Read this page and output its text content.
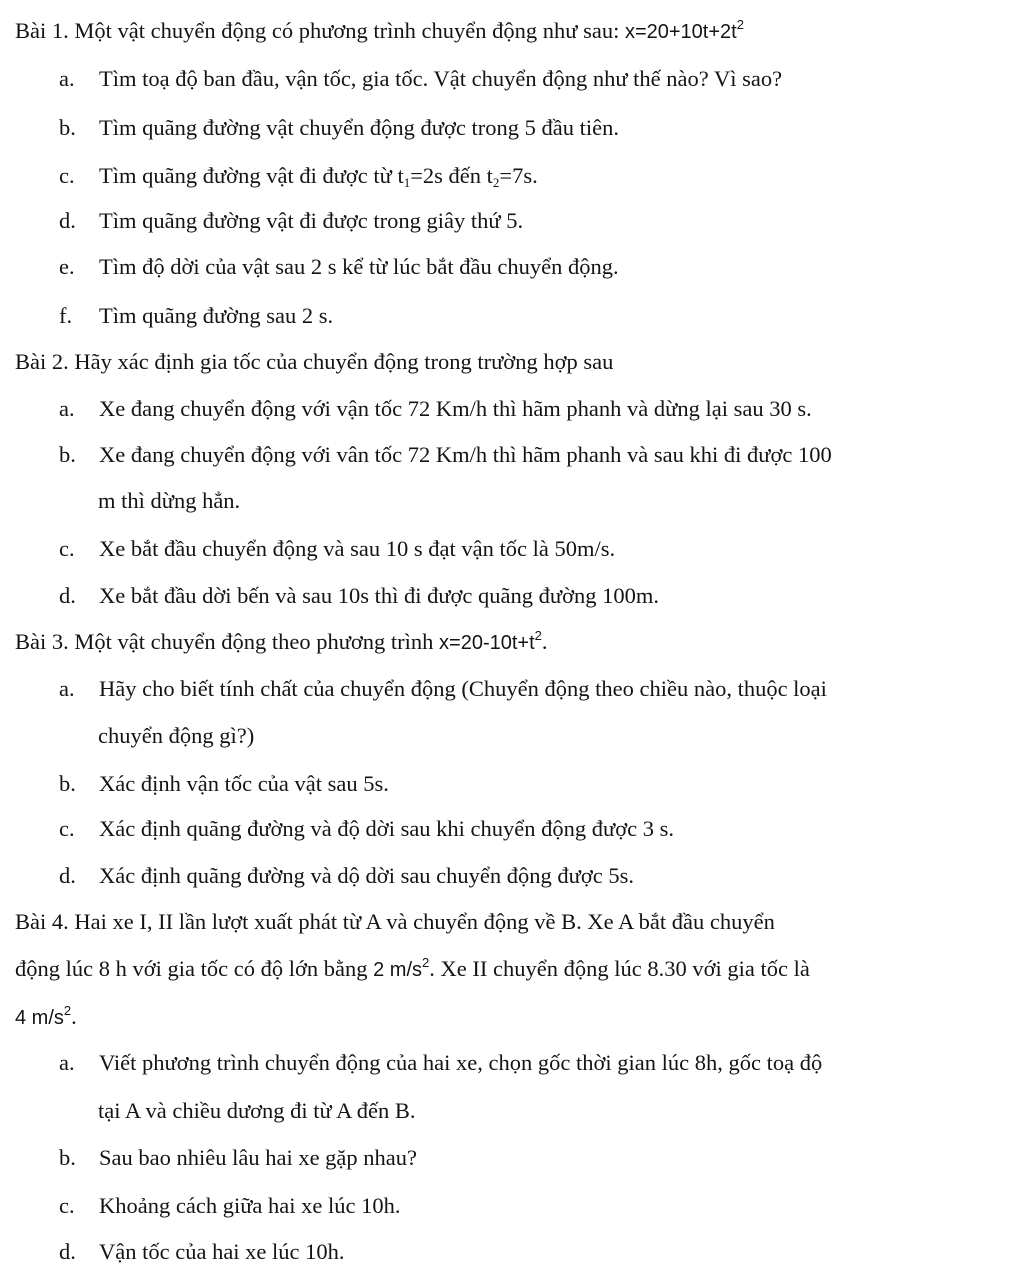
Bài 1. Một vật chuyển động có phương trình chuyển động như sau: $x=20+10t+2t^2$
a. Tìm toạ độ ban đầu, vận tốc, gia tốc. Vật chuyển động như thế nào? Vì sao?
b. Tìm quãng đường vật chuyển động được trong 5 đầu tiên.
c. Tìm quãng đường vật đi được từ $t_1=2s$ đến $t_2=7s$.
d. Tìm quãng đường vật đi được trong giây thứ 5.
e. Tìm độ dời của vật sau 2 s kể từ lúc bắt đầu chuyển động.
f. Tìm quãng đường sau 2 s.
Bài 2. Hãy xác định gia tốc của chuyển động trong trường hợp sau
a. Xe đang chuyển động với vận tốc 72 Km/h thì hãm phanh và dừng lại sau 30 s.
b. Xe đang chuyển động với vân tốc 72 Km/h thì hãm phanh và sau khi đi được 100
m thì dừng hẳn.
c. Xe bắt đầu chuyển động và sau 10 s đạt vận tốc là 50m/s.
d. Xe bắt đầu dời bến và sau 10s thì đi được quãng đường 100m.
Bài 3. Một vật chuyển động theo phương trình $x=20-10t+t^2$.
a. Hãy cho biết tính chất của chuyển động (Chuyển động theo chiều nào, thuộc loại
chuyển động gì?)
b. Xác định vận tốc của vật sau 5s.
c. Xác định quãng đường và độ dời sau khi chuyển động được 3 s.
d. Xác định quãng đường và dộ dời sau chuyển động được 5s.
Bài 4. Hai xe I, II lần lượt xuất phát từ A và chuyển động về B. Xe A bắt đầu chuyển
động lúc 8 h với gia tốc có độ lớn bằng 2 $m/s^2$. Xe II chuyển động lúc 8.30 với gia tốc là
4 $m/s^2$.
a. Viết phương trình chuyển động của hai xe, chọn gốc thời gian lúc 8h, gốc toạ độ
tại A và chiều dương đi từ A đến B.
b. Sau bao nhiêu lâu hai xe gặp nhau?
c. Khoảng cách giữa hai xe lúc 10h.
d. Vận tốc của hai xe lúc 10h.
